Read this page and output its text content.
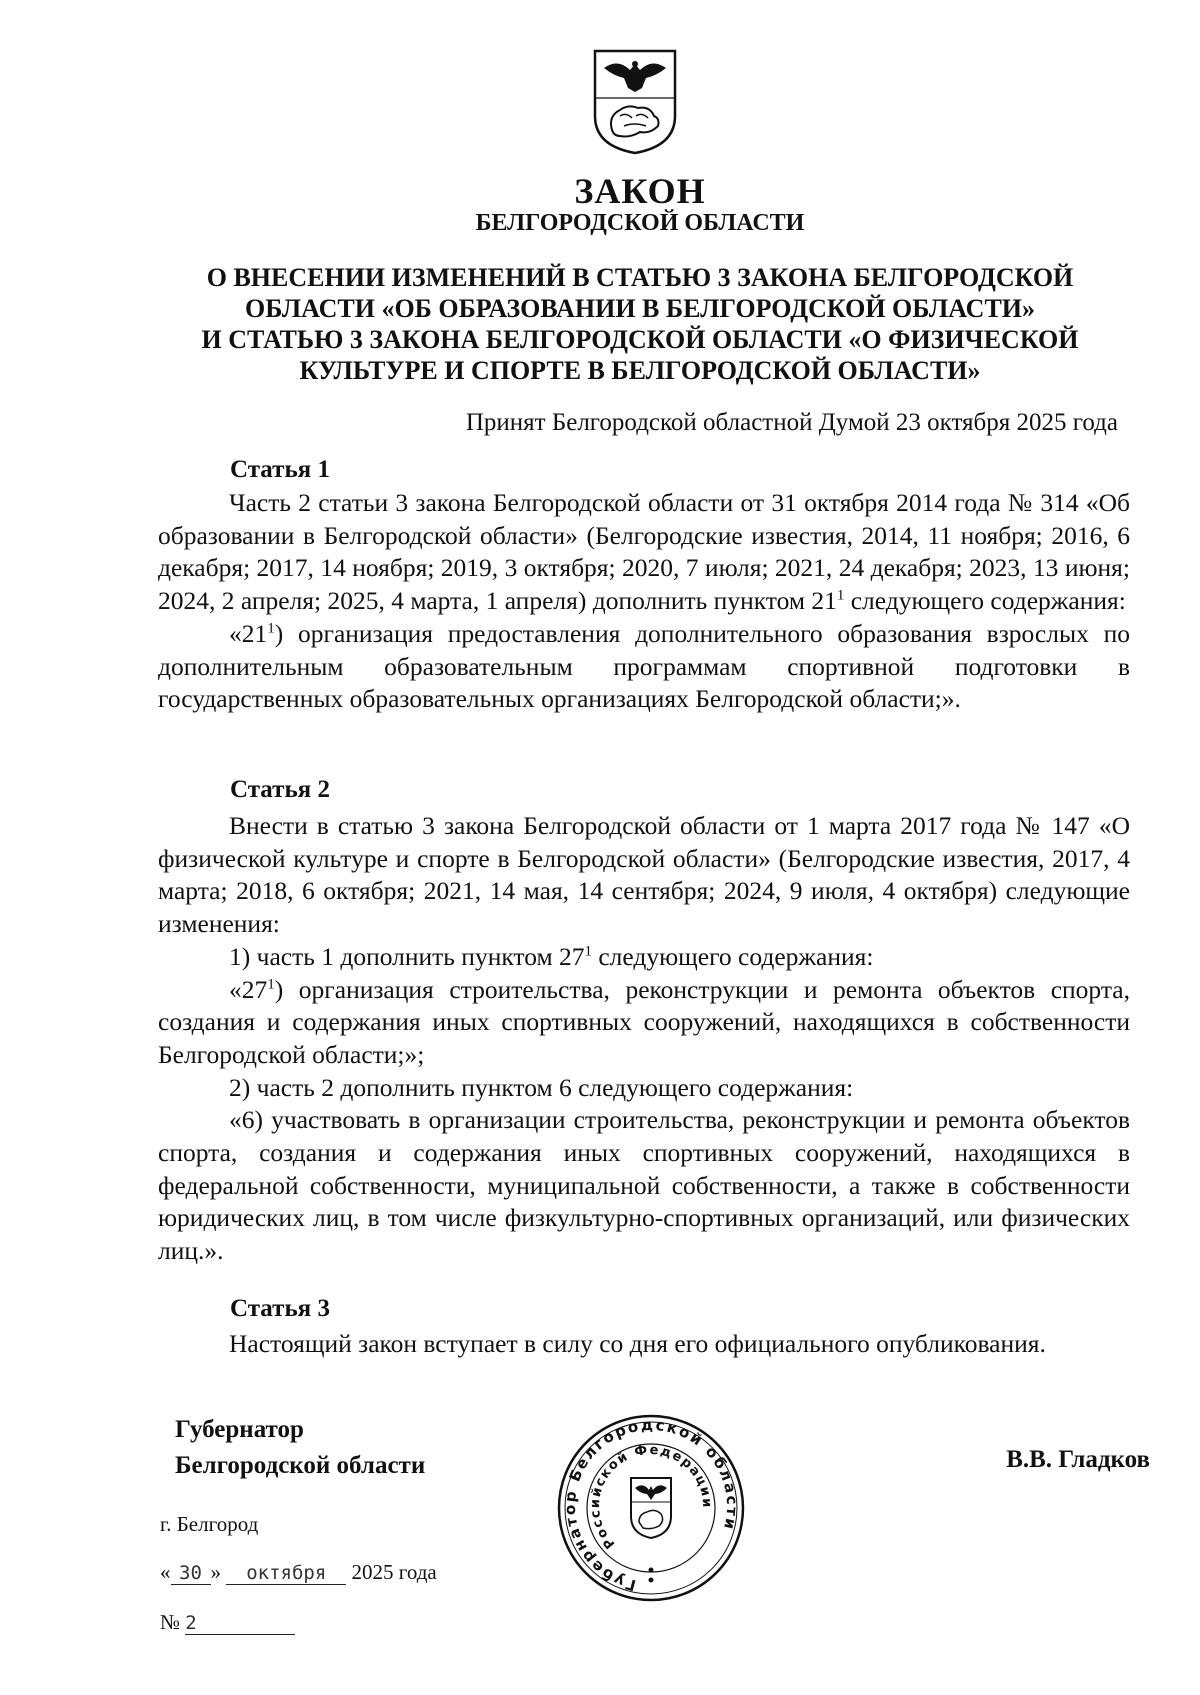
ЗАКОН
БЕЛГОРОДСКОЙ ОБЛАСТИ
О ВНЕСЕНИИ ИЗМЕНЕНИЙ В СТАТЬЮ 3 ЗАКОНА БЕЛГОРОДСКОЙ
ОБЛАСТИ «ОБ ОБРАЗОВАНИИ В БЕЛГОРОДСКОЙ ОБЛАСТИ»
И СТАТЬЮ 3 ЗАКОНА БЕЛГОРОДСКОЙ ОБЛАСТИ «О ФИЗИЧЕСКОЙ
КУЛЬТУРЕ И СПОРТЕ В БЕЛГОРОДСКОЙ ОБЛАСТИ»
Принят Белгородской областной Думой 23 октября 2025 года
Статья 1

Часть 2 статьи 3 закона Белгородской области от 31 октября 2014 года № 314 «Об образовании в Белгородской области» (Белгородские известия, 2014, 11 ноября; 2016, 6 декабря; 2017, 14 ноября; 2019, 3 октября; 2020, 7 июля; 2021, 24 декабря; 2023, 13 июня; 2024, 2 апреля; 2025, 4 марта, 1 апреля) дополнить пунктом $21^1$ следующего содержания:

«$21^1$) организация предоставления дополнительного образования взрослых по дополнительным образовательным программам спортивной подготовки в государственных образовательных организациях Белгородской области;».

Статья 2

Внести в статью 3 закона Белгородской области от 1 марта 2017 года № 147 «О физической культуре и спорте в Белгородской области» (Белгородские известия, 2017, 4 марта; 2018, 6 октября; 2021, 14 мая, 14 сентября; 2024, 9 июля, 4 октября) следующие изменения:

1) часть 1 дополнить пунктом $27^1$ следующего содержания:

«$27^1$) организация строительства, реконструкции и ремонта объектов спорта, создания и содержания иных спортивных сооружений, находящихся в собственности Белгородской области;»;

2) часть 2 дополнить пунктом 6 следующего содержания:

«6) участвовать в организации строительства, реконструкции и ремонта объектов спорта, создания и содержания иных спортивных сооружений, находящихся в федеральной собственности, муниципальной собственности, а также в собственности юридических лиц, в том числе физкультурно-спортивных организаций, или физических лиц.».

Статья 3

Настоящий закон вступает в силу со дня его официального опубликования.

Губернатор
Белгородской области	В.В. Гладков
г. Белгород
« 30 » октября 2025 года
№ 2
Губернатор Белгородской области
Российской Федерации
